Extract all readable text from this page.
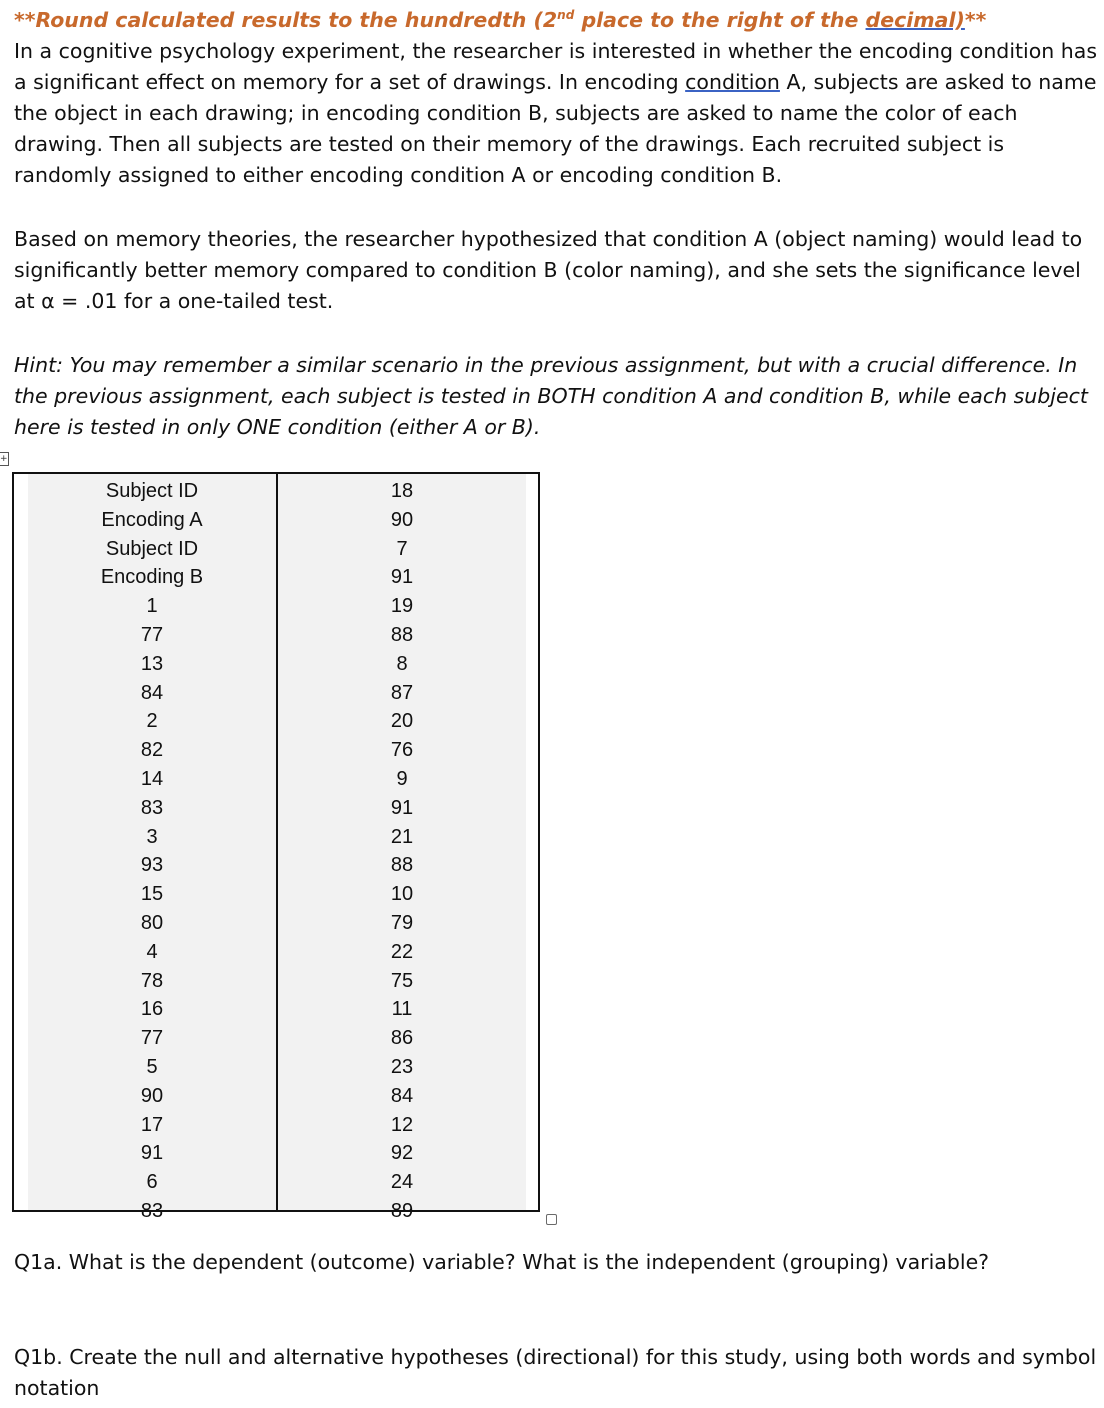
**Round calculated results to the hundredth (2nd place to the right of the decimal)**

In a cognitive psychology experiment, the researcher is interested in whether the encoding condition has a significant effect on memory for a set of drawings. In encoding condition A, subjects are asked to name the object in each drawing; in encoding condition B, subjects are asked to name the color of each drawing. Then all subjects are tested on their memory of the drawings. Each recruited subject is randomly assigned to either encoding condition A or encoding condition B.

Based on memory theories, the researcher hypothesized that condition A (object naming) would lead to significantly better memory compared to condition B (color naming), and she sets the significance level at α = .01 for a one-tailed test.

Hint: You may remember a similar scenario in the previous assignment, but with a crucial difference. In the previous assignment, each subject is tested in BOTH condition A and condition B, while each subject here is tested in only ONE condition (either A or B).

+
Subject ID
Encoding A
Subject ID
Encoding B
1
77
13
84
2
82
14
83
3
93
15
80
4
78
16
77
5
90
17
91
6
83
18
90
7
91
19
88
8
87
20
76
9
91
21
88
10
79
22
75
11
86
23
84
12
92
24
89

Q1a. What is the dependent (outcome) variable? What is the independent (grouping) variable?

Q1b. Create the null and alternative hypotheses (directional) for this study, using both words and symbol notation
